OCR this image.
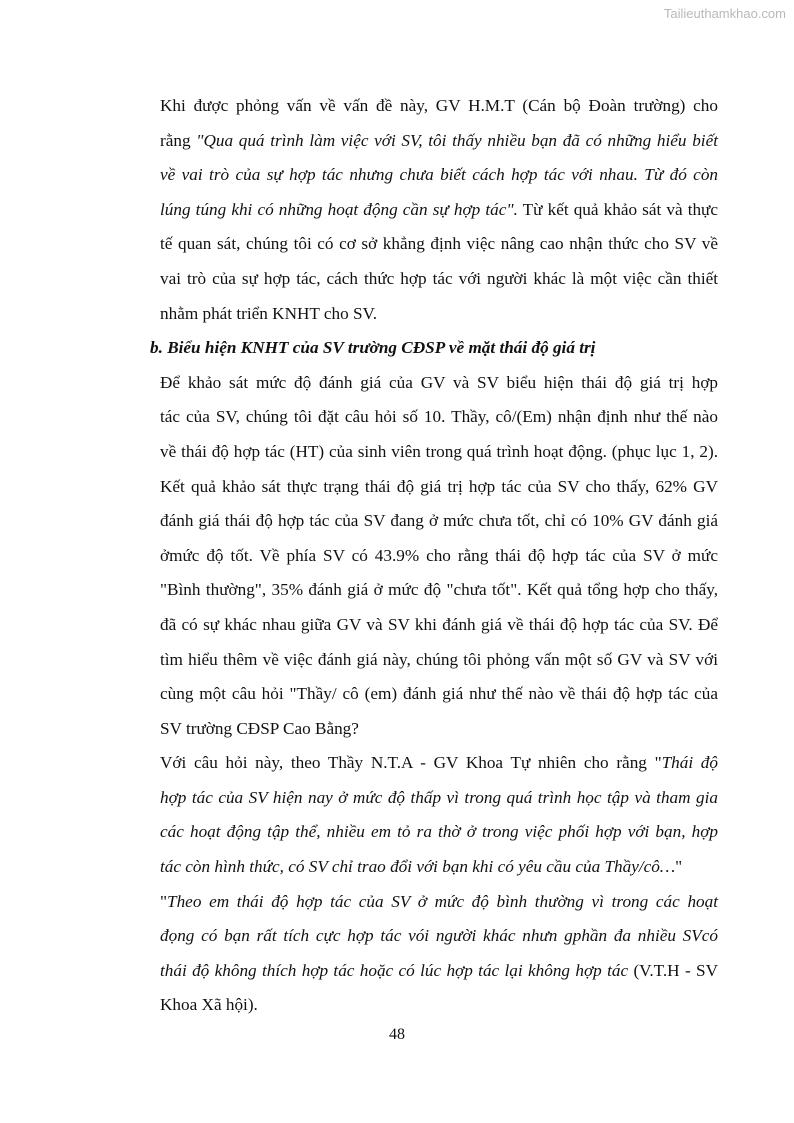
Tailieuthamkhao.com

Khi được phỏng vấn về vấn đề này, GV H.M.T (Cán bộ Đoàn trường) cho
rằng "Qua quá trình làm việc với SV, tôi thấy nhiều bạn đã có những hiểu biết
về vai trò của sự hợp tác nhưng chưa biết cách hợp tác với nhau. Từ đó còn
lúng túng khi có những hoạt động cần sự hợp tác". Từ kết quả khảo sát và thực
tế quan sát, chúng tôi có cơ sở khẳng định việc nâng cao nhận thức cho SV về
vai trò của sự hợp tác, cách thức hợp tác với người khác là một việc cần thiết
nhằm phát triển KNHT cho SV.

b. Biểu hiện KNHT của SV trường CĐSP về mặt thái độ giá trị

Để khảo sát mức độ đánh giá của GV và SV biểu hiện thái độ giá trị hợp
tác của SV, chúng tôi đặt câu hỏi số 10. Thầy, cô/(Em) nhận định như thế nào
về thái độ hợp tác (HT) của sinh viên trong quá trình hoạt động. (phục lục 1, 2).
Kết quả khảo sát thực trạng thái độ giá trị hợp tác của SV cho thấy, 62% GV
đánh giá thái độ hợp tác của SV đang ở mức chưa tốt, chỉ có 10% GV đánh giá
ởmức độ tốt. Về phía SV có 43.9% cho rằng thái độ hợp tác của SV ở mức
"Bình thường", 35% đánh giá ở mức độ "chưa tốt". Kết quả tổng hợp cho thấy,
đã có sự khác nhau giữa GV và SV khi đánh giá về thái độ hợp tác của SV. Để
tìm hiểu thêm về việc đánh giá này, chúng tôi phỏng vấn một số GV và SV với
cùng một câu hỏi "Thầy/ cô (em) đánh giá như thế nào về thái độ hợp tác của
SV trường CĐSP Cao Bằng?

Với câu hỏi này, theo Thầy N.T.A - GV Khoa Tự nhiên cho rằng "Thái độ
hợp tác của SV hiện nay ở mức độ thấp vì trong quá trình học tập và tham gia
các hoạt động tập thể, nhiều em tỏ ra thờ ở trong việc phối hợp với bạn, hợp
tác còn hình thức, có SV chỉ trao đổi với bạn khi có yêu cầu của Thầy/cô…"

"Theo em thái độ hợp tác của SV ở mức độ bình thường vì trong các hoạt
đọng có bạn rất tích cực hợp tác vói người khác nhưn gphần đa nhiều SVcó
thái độ không thích hợp tác hoặc có lúc hợp tác lại không hợp tác (V.T.H - SV
Khoa Xã hội).

48
